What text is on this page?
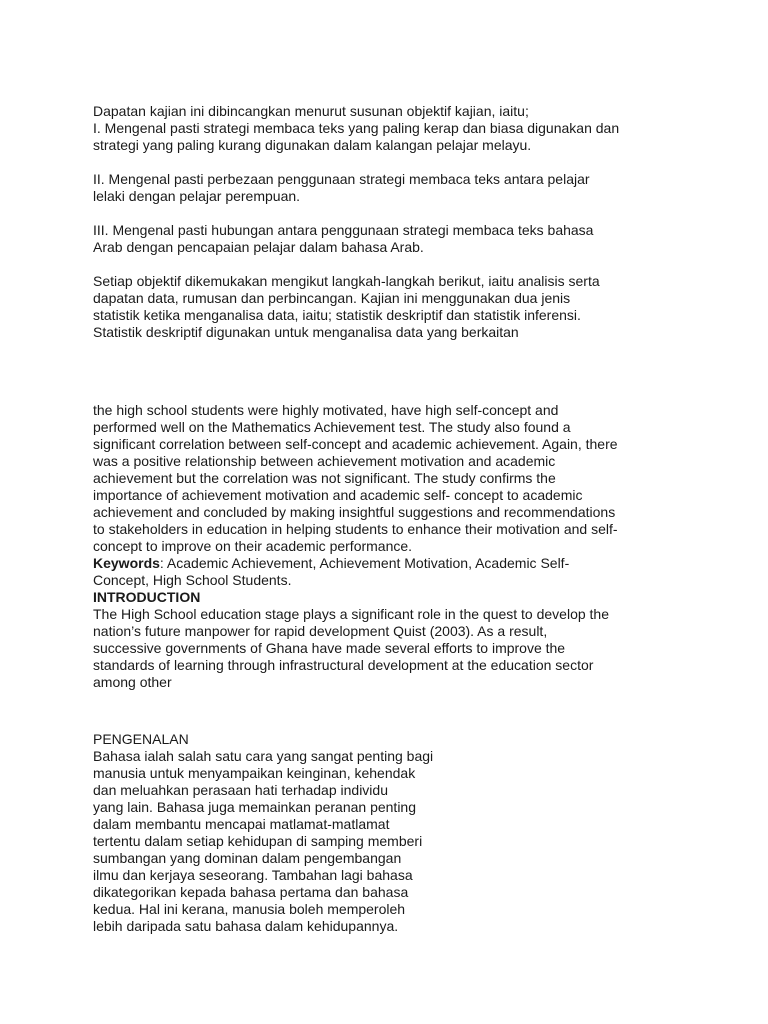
Dapatan kajian ini dibincangkan menurut susunan objektif kajian, iaitu;
I. Mengenal pasti strategi membaca teks yang paling kerap dan biasa digunakan dan
strategi yang paling kurang digunakan dalam kalangan pelajar melayu.
II. Mengenal pasti perbezaan penggunaan strategi membaca teks antara pelajar
lelaki dengan pelajar perempuan.
III. Mengenal pasti hubungan antara penggunaan strategi membaca teks bahasa
Arab dengan pencapaian pelajar dalam bahasa Arab.
Setiap objektif dikemukakan mengikut langkah-langkah berikut, iaitu analisis serta
dapatan data, rumusan dan perbincangan. Kajian ini menggunakan dua jenis
statistik ketika menganalisa data, iaitu; statistik deskriptif dan statistik inferensi.
Statistik deskriptif digunakan untuk menganalisa data yang berkaitan
the high school students were highly motivated, have high self-concept and
performed well on the Mathematics Achievement test. The study also found a
significant correlation between self-concept and academic achievement. Again, there
was a positive relationship between achievement motivation and academic
achievement but the correlation was not significant. The study confirms the
importance of achievement motivation and academic self- concept to academic
achievement and concluded by making insightful suggestions and recommendations
to stakeholders in education in helping students to enhance their motivation and self-
concept to improve on their academic performance.
Keywords: Academic Achievement, Achievement Motivation, Academic Self-
Concept, High School Students.
INTRODUCTION
The High School education stage plays a significant role in the quest to develop the
nation’s future manpower for rapid development Quist (2003). As a result,
successive governments of Ghana have made several efforts to improve the
standards of learning through infrastructural development at the education sector
among other
PENGENALAN
Bahasa ialah salah satu cara yang sangat penting bagi
manusia untuk menyampaikan keinginan, kehendak
dan meluahkan perasaan hati terhadap individu
yang lain. Bahasa juga memainkan peranan penting
dalam membantu mencapai matlamat-matlamat
tertentu dalam setiap kehidupan di samping memberi
sumbangan yang dominan dalam pengembangan
ilmu dan kerjaya seseorang. Tambahan lagi bahasa
dikategorikan kepada bahasa pertama dan bahasa
kedua. Hal ini kerana, manusia boleh memperoleh
lebih daripada satu bahasa dalam kehidupannya.
